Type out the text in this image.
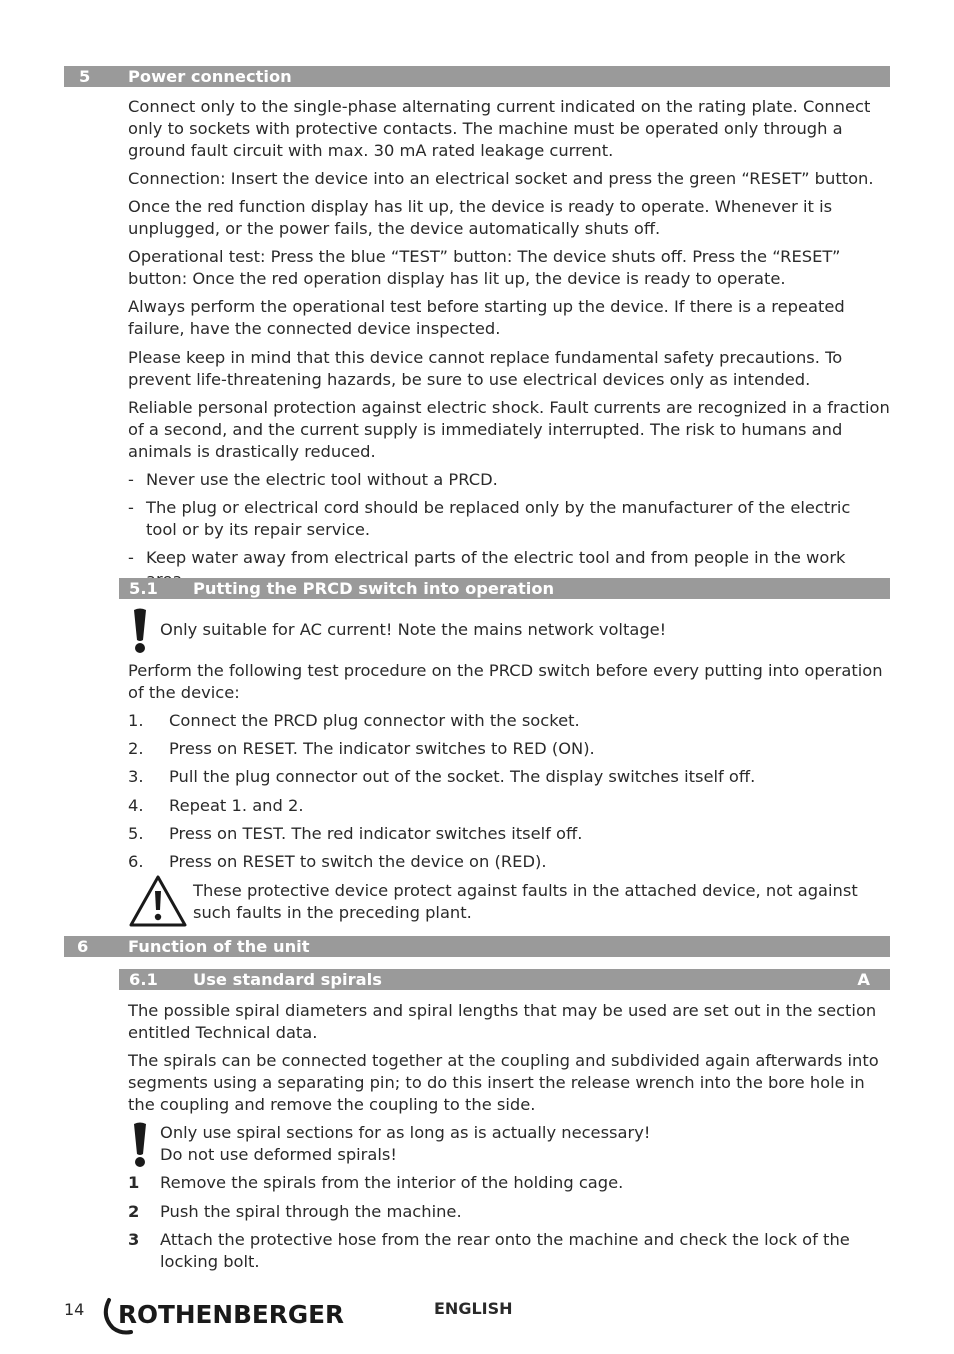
5 Power connection

Connect only to the single-phase alternating current indicated on the rating plate. Connect only to sockets with protective contacts. The machine must be operated only through a ground fault circuit with max. 30 mA rated leakage current.

Connection: Insert the device into an electrical socket and press the green “RESET” button.

Once the red function display has lit up, the device is ready to operate. Whenever it is unplugged, or the power fails, the device automatically shuts off.

Operational test: Press the blue “TEST” button: The device shuts off. Press the “RESET” button: Once the red operation display has lit up, the device is ready to operate.

Always perform the operational test before starting up the device. If there is a repeated failure, have the connected device inspected.

Please keep in mind that this device cannot replace fundamental safety precautions. To prevent life-threatening hazards, be sure to use electrical devices only as intended.

Reliable personal protection against electric shock. Fault currents are recognized in a fraction of a second, and the current supply is immediately interrupted. The risk to humans and animals is drastically reduced.

- Never use the electric tool without a PRCD.
- The plug or electrical cord should be replaced only by the manufacturer of the electric tool or by its repair service.
- Keep water away from electrical parts of the electric tool and from people in the work
5.1 Putting the PRCD switch into operation
Only suitable for AC current! Note the mains network voltage!

Perform the following test procedure on the PRCD switch before every putting into operation of the device:

1. Connect the PRCD plug connector with the socket.
2. Press on RESET. The indicator switches to RED (ON).
3. Pull the plug connector out of the socket. The display switches itself off.
4. Repeat 1. and 2.
5. Press on TEST. The red indicator switches itself off.
6. Press on RESET to switch the device on (RED).
These protective device protect against faults in the attached device, not against such faults in the preceding plant.
6 Function of the unit
6.1 Use standard spirals	A

The possible spiral diameters and spiral lengths that may be used are set out in the section entitled Technical data.

The spirals can be connected together at the coupling and subdivided again afterwards into segments using a separating pin; to do this insert the release wrench into the bore hole in the coupling and remove the coupling to the side.

Only use spiral sections for as long as is actually necessary!
Do not use deformed spirals!
1 Remove the spirals from the interior of the holding cage.
2 Push the spiral through the machine.
3 Attach the protective hose from the rear onto the machine and check the lock of the locking bolt.
14 ROTHENBERGER	ENGLISH
